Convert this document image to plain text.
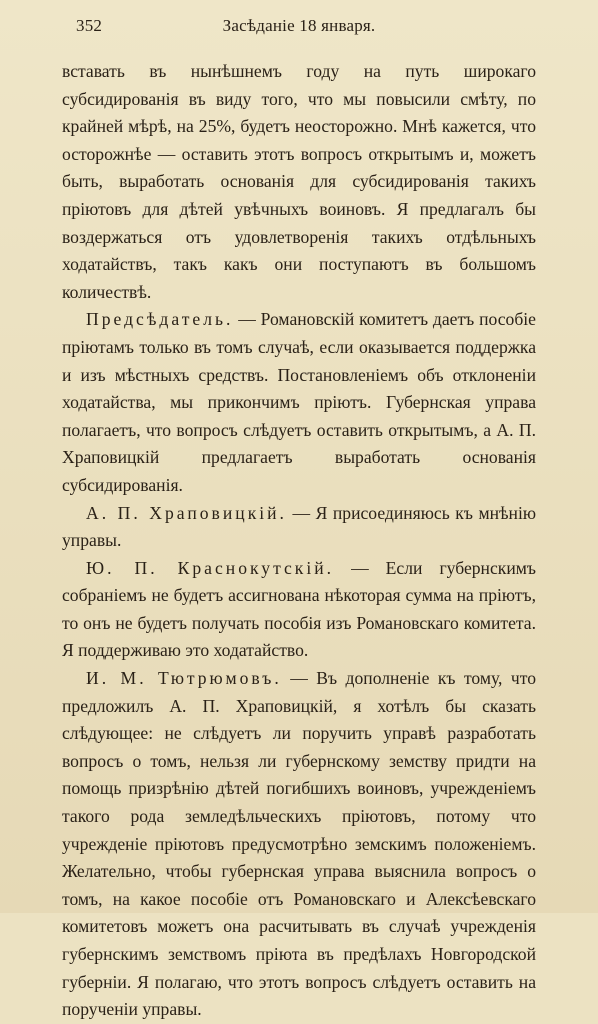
352	Засѣданіе 18 января.

вставать въ нынѣшнемъ году на путь широкаго субсидированія въ виду того, что мы повысили смѣту, по крайней мѣрѣ, на 25%, будетъ неосторожно. Мнѣ кажется, что осторожнѣе — оставить этотъ вопросъ открытымъ и, можетъ быть, выработать основанія для субсидированія такихъ пріютовъ для дѣтей увѣчныхъ воиновъ. Я предлагалъ бы воздержаться отъ удовлетворенія такихъ отдѣльныхъ ходатайствъ, такъ какъ они поступаютъ въ большомъ количествѣ.

Предсѣдатель. — Романовскій комитетъ даетъ пособіе пріютамъ только въ томъ случаѣ, если оказывается поддержка и изъ мѣстныхъ средствъ. Постановленіемъ объ отклоненіи ходатайства, мы прикончимъ пріютъ. Губернская управа полагаетъ, что вопросъ слѣдуетъ оставить открытымъ, а А. П. Храповицкій предлагаетъ выработать основанія субсидированія.

А. П. Храповицкій. — Я присоединяюсь къ мнѣнію управы.

Ю. П. Краснокутскій. — Если губернскимъ собраніемъ не будетъ ассигнована нѣкоторая сумма на пріютъ, то онъ не будетъ получать пособія изъ Романовскаго комитета. Я поддерживаю это ходатайство.

И. М. Тютрюмовъ. — Въ дополненіе къ тому, что предложилъ А. П. Храповицкій, я хотѣлъ бы сказать слѣдующее: не слѣдуетъ ли поручить управѣ разработать вопросъ о томъ, нельзя ли губернскому земству придти на помощь призрѣнію дѣтей погибшихъ воиновъ, учрежденіемъ такого рода земледѣльческихъ пріютовъ, потому что учрежденіе пріютовъ предусмотрѣно земскимъ положеніемъ. Желательно, чтобы губернская управа выяснила вопросъ о томъ, на какое пособіе отъ Романовскаго и Алексѣевскаго комитетовъ можетъ она расчитывать въ случаѣ учрежденія губернскимъ земствомъ пріюта въ предѣлахъ Новгородской губерніи. Я полагаю, что этотъ вопросъ слѣдуетъ оставить на порученіи управы.
